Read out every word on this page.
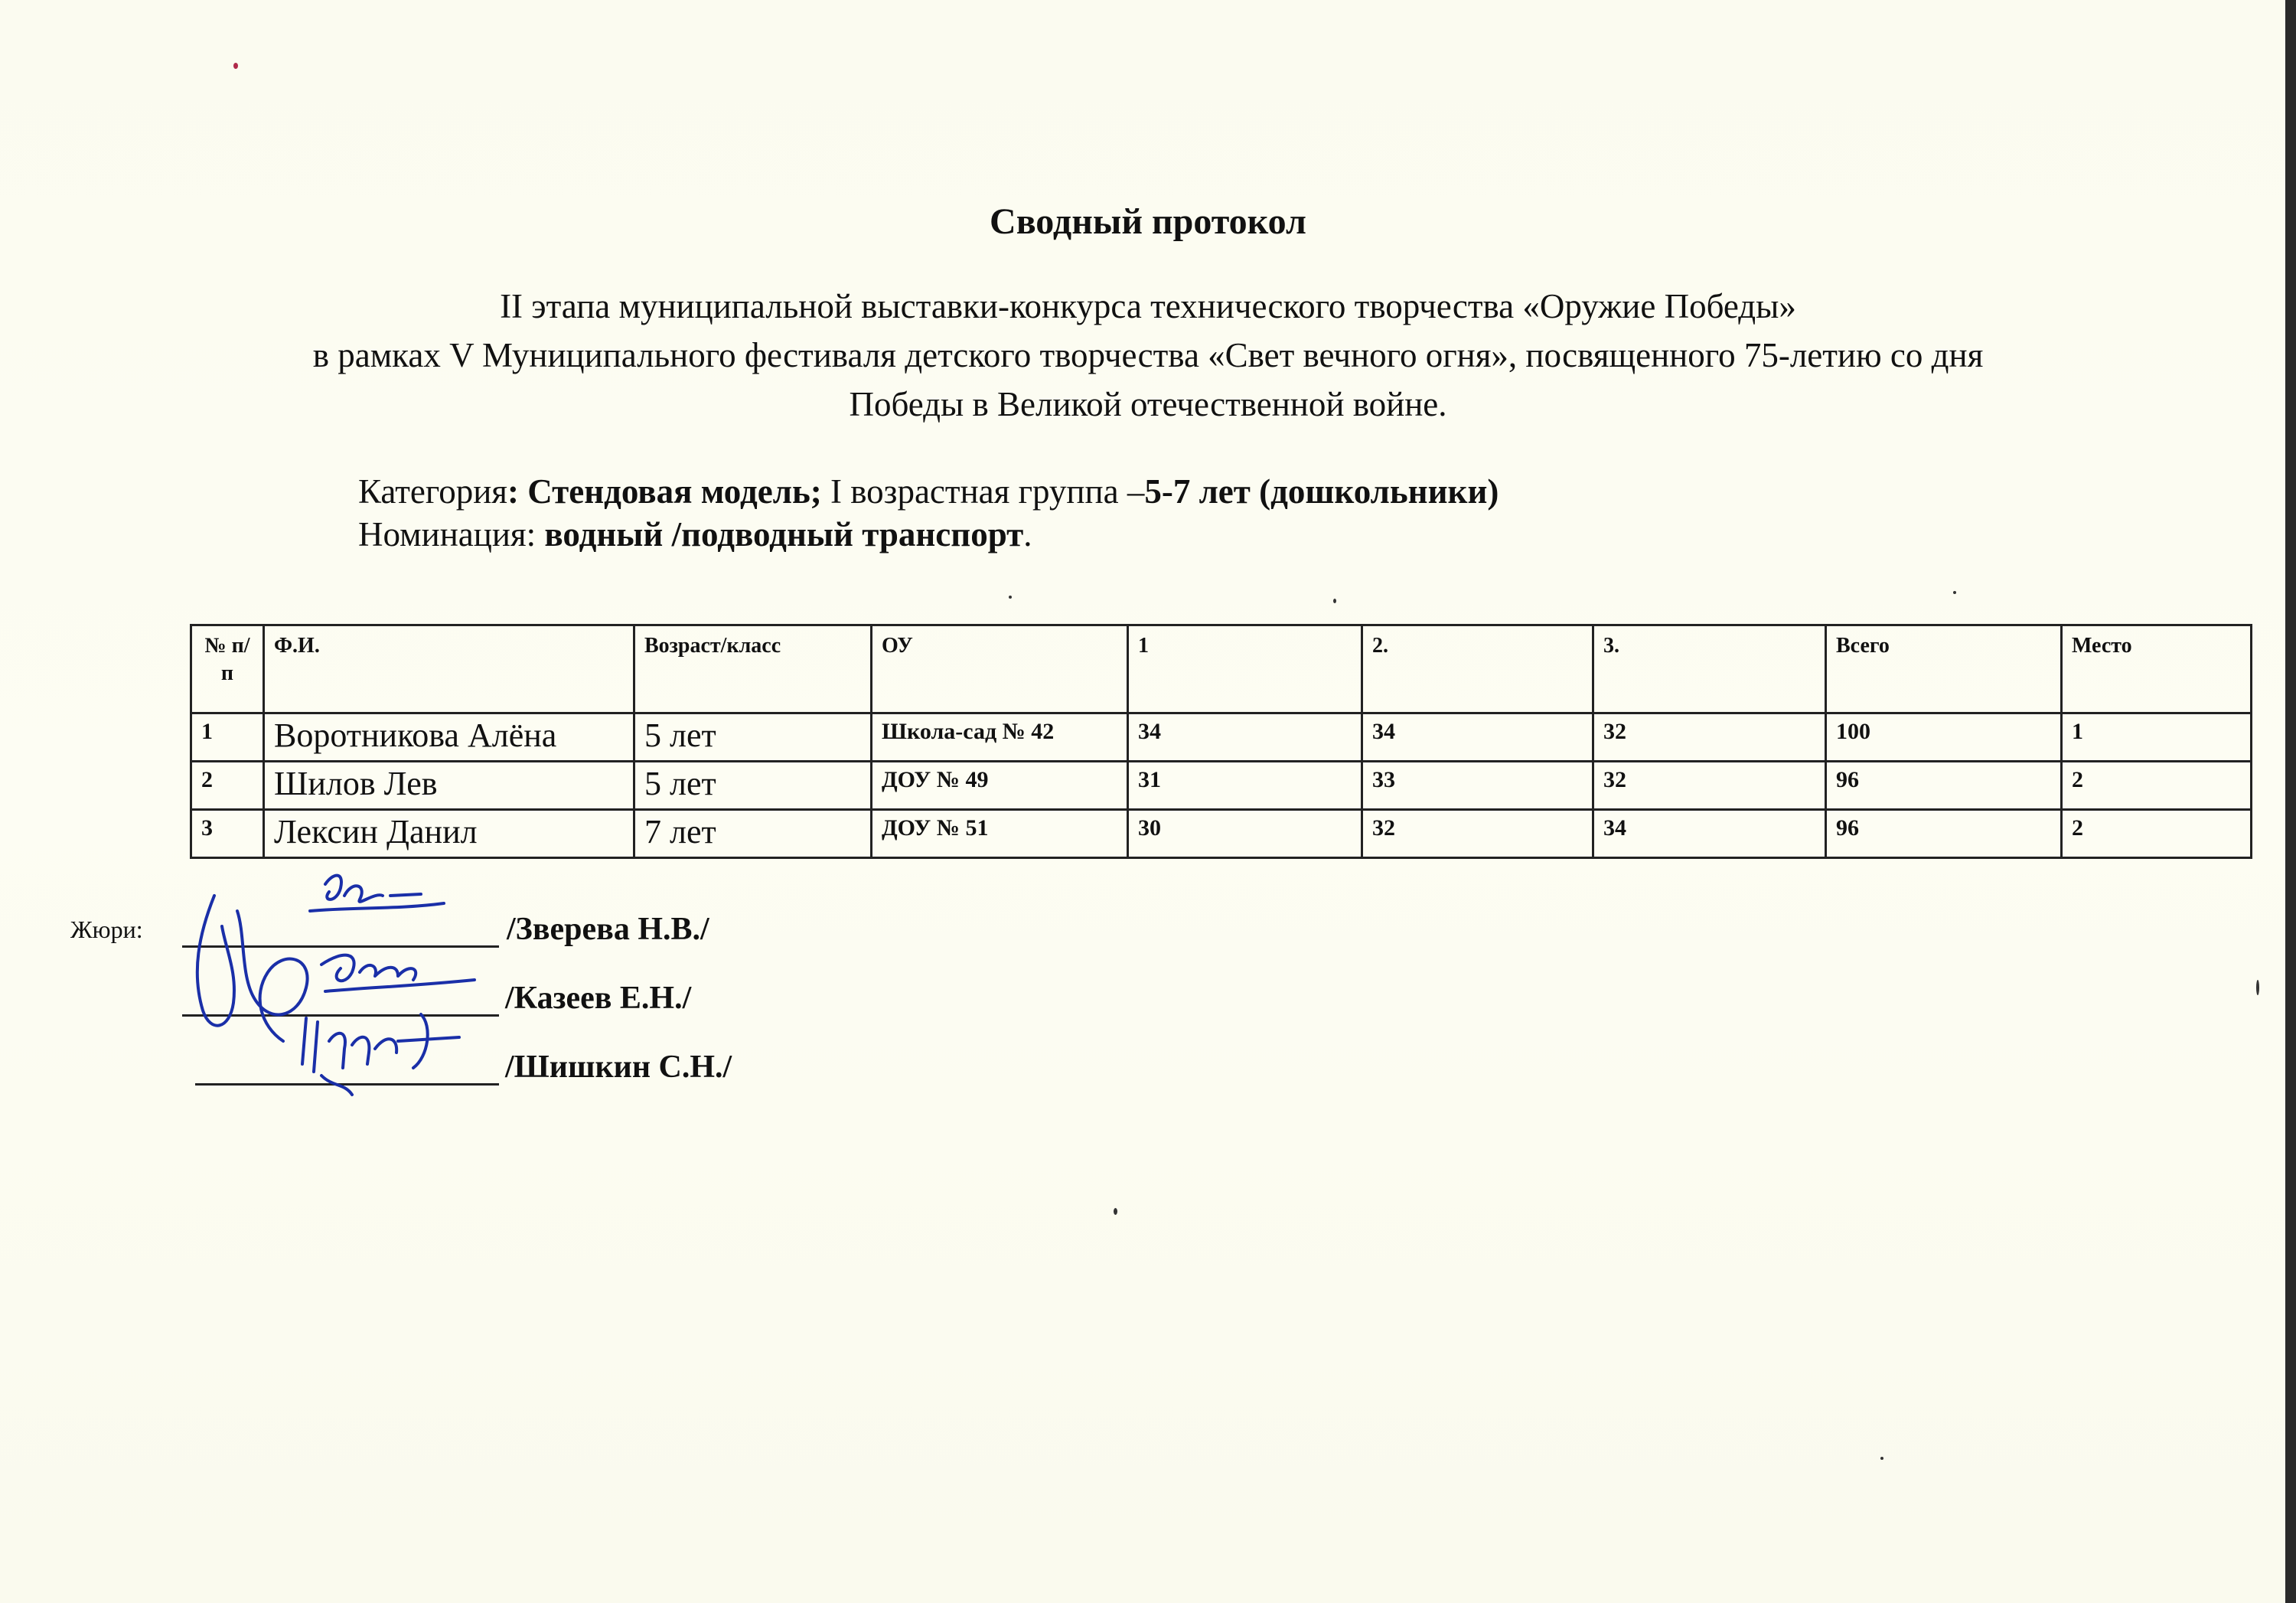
Сводный протокол
II этапа муниципальной выставки-конкурса технического творчества «Оружие Победы»
в рамках V Муниципального фестиваля детского творчества «Свет вечного огня», посвященного 75-летию со дня
Победы в Великой отечественной войне.
Категория: Стендовая модель; I возрастная группа –5-7 лет (дошкольники)
Номинация: водный /подводный транспорт.
№ п/п	Ф.И.	Возраст/класс	ОУ	1	2.	3.	Всего	Место
1	Воротникова Алёна	5 лет	Школа-сад № 42	34	34	32	100	1
2	Шилов Лев	5 лет	ДОУ № 49	31	33	32	96	2
3	Лексин Данил	7 лет	ДОУ № 51	30	32	34	96	2
Жюри:	/Зверева Н.В./
/Казеев Е.Н./
/Шишкин С.Н./
